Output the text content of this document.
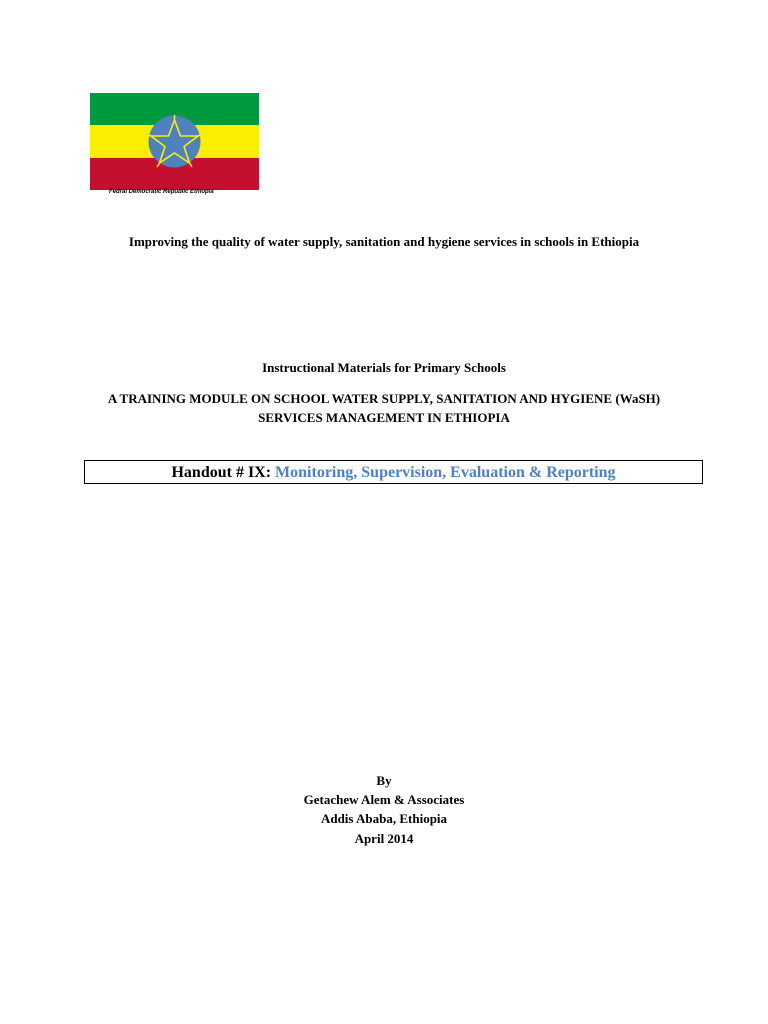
Fedral Democratic Republic Ethiopia
Improving the quality of water supply, sanitation and hygiene services in schools in Ethiopia
Instructional Materials for Primary Schools
A TRAINING MODULE ON SCHOOL WATER SUPPLY, SANITATION AND HYGIENE (WaSH)
SERVICES MANAGEMENT IN ETHIOPIA
Handout # IX: Monitoring, Supervision, Evaluation & Reporting
By
Getachew Alem & Associates
Addis Ababa, Ethiopia
April 2014
